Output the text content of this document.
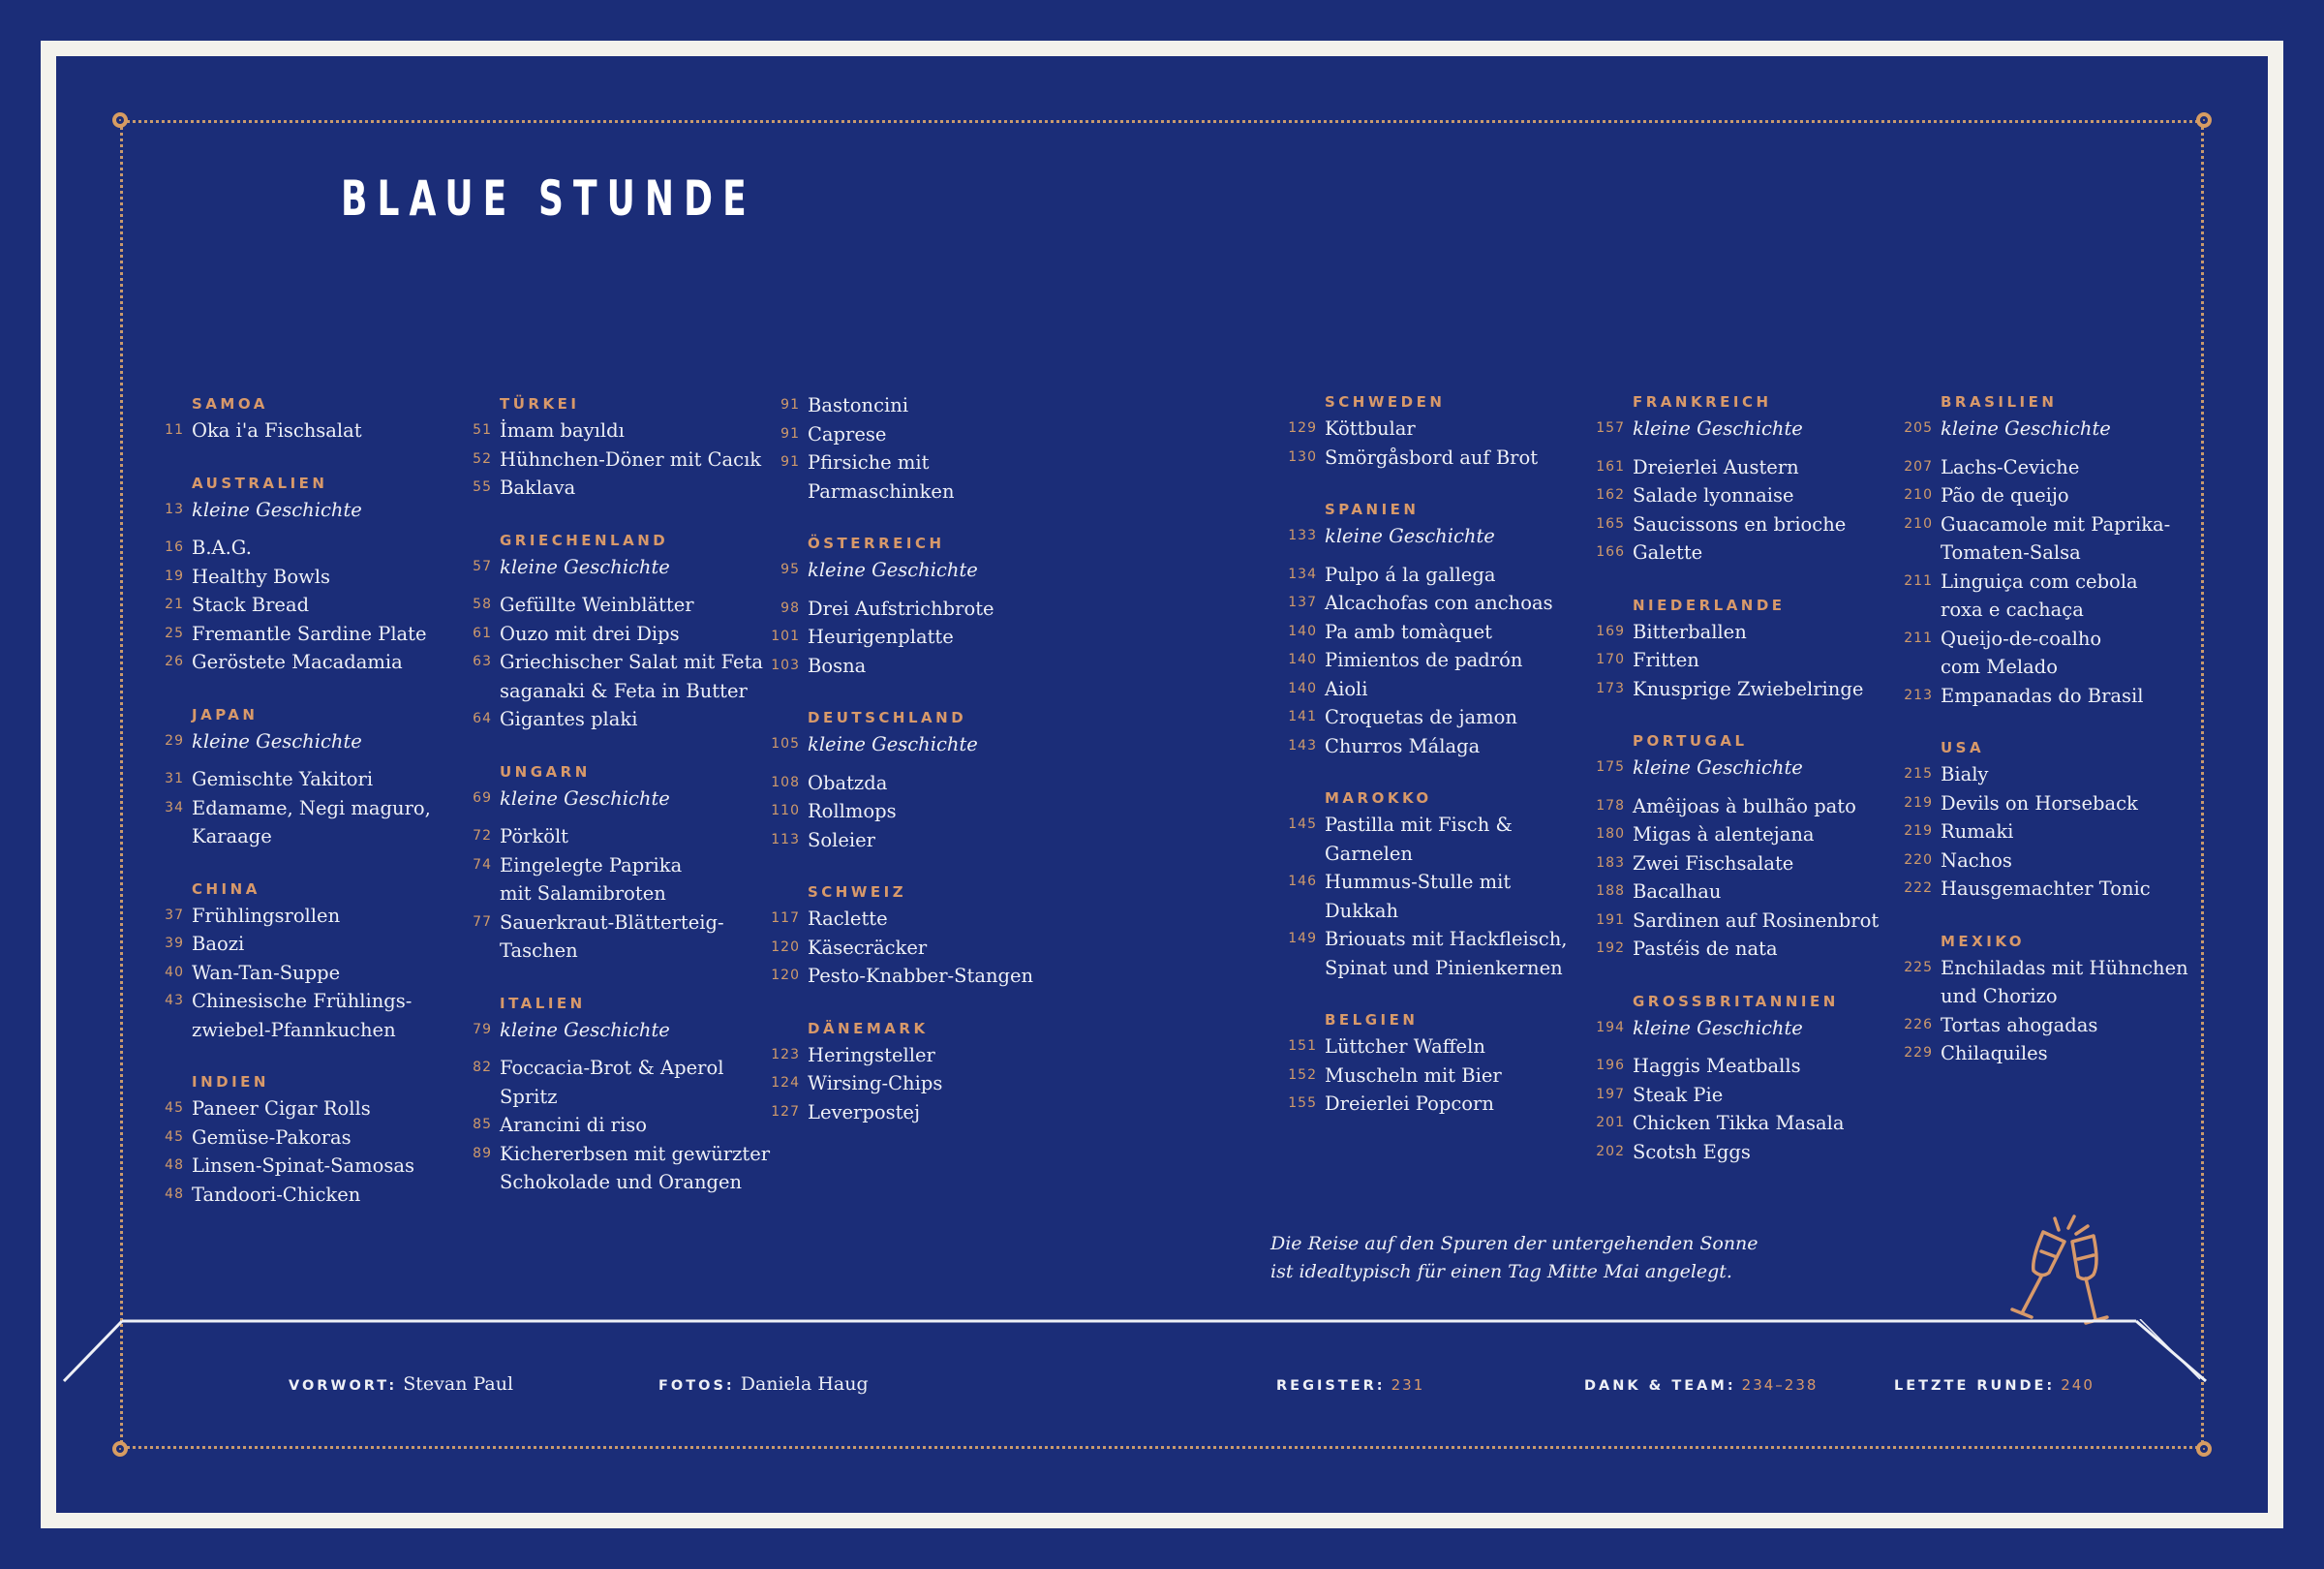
BLAUE STUNDE
SAMOA
11 Oka i'a Fischsalat
AUSTRALIEN
13 kleine Geschichte
16 B.A.G.
19 Healthy Bowls
21 Stack Bread
25 Fremantle Sardine Plate
26 Geröstete Macadamia
JAPAN
29 kleine Geschichte
31 Gemischte Yakitori
34 Edamame, Negi maguro,
Karaage
CHINA
37 Frühlingsrollen
39 Baozi
40 Wan-Tan-Suppe
43 Chinesische Frühlings-
zwiebel-Pfannkuchen
INDIEN
45 Paneer Cigar Rolls
45 Gemüse-Pakoras
48 Linsen-Spinat-Samosas
48 Tandoori-Chicken
TÜRKEI
51 İmam bayıldı
52 Hühnchen-Döner mit Cacık
55 Baklava
GRIECHENLAND
57 kleine Geschichte
58 Gefüllte Weinblätter
61 Ouzo mit drei Dips
63 Griechischer Salat mit Feta
saganaki & Feta in Butter
64 Gigantes plaki
UNGARN
69 kleine Geschichte
72 Pörkölt
74 Eingelegte Paprika
mit Salamibroten
77 Sauerkraut-Blätterteig-
Taschen
ITALIEN
79 kleine Geschichte
82 Foccacia-Brot & Aperol
Spritz
85 Arancini di riso
89 Kichererbsen mit gewürzter
Schokolade und Orangen
91 Bastoncini
91 Caprese
91 Pfirsiche mit Parmaschinken
ÖSTERREICH
95 kleine Geschichte
98 Drei Aufstrichbrote
101 Heurigenplatte
103 Bosna
DEUTSCHLAND
105 kleine Geschichte
108 Obatzda
110 Rollmops
113 Soleier
SCHWEIZ
117 Raclette
120 Käsecräcker
120 Pesto-Knabber-Stangen
DÄNEMARK
123 Heringsteller
124 Wirsing-Chips
127 Leverpostej
SCHWEDEN
129 Köttbular
130 Smörgåsbord auf Brot
SPANIEN
133 kleine Geschichte
134 Pulpo á la gallega
137 Alcachofas con anchoas
140 Pa amb tomàquet
140 Pimientos de padrón
140 Aioli
141 Croquetas de jamon
143 Churros Málaga
MAROKKO
145 Pastilla mit Fisch &
Garnelen
146 Hummus-Stulle mit
Dukkah
149 Briouats mit Hackfleisch,
Spinat und Pinienkernen
BELGIEN
151 Lüttcher Waffeln
152 Muscheln mit Bier
155 Dreierlei Popcorn
FRANKREICH
157 kleine Geschichte
161 Dreierlei Austern
162 Salade lyonnaise
165 Saucissons en brioche
166 Galette
NIEDERLANDE
169 Bitterballen
170 Fritten
173 Knusprige Zwiebelringe
PORTUGAL
175 kleine Geschichte
178 Amêijoas à bulhão pato
180 Migas à alentejana
183 Zwei Fischsalate
188 Bacalhau
191 Sardinen auf Rosinenbrot
192 Pastéis de nata
GROSSBRITANNIEN
194 kleine Geschichte
196 Haggis Meatballs
197 Steak Pie
201 Chicken Tikka Masala
202 Scotsh Eggs
BRASILIEN
205 kleine Geschichte
207 Lachs-Ceviche
210 Pão de queijo
210 Guacamole mit Paprika-
Tomaten-Salsa
211 Linguiça com cebola
roxa e cachaça
211 Queijo-de-coalho
com Melado
213 Empanadas do Brasil
USA
215 Bialy
219 Devils on Horseback
219 Rumaki
220 Nachos
222 Hausgemachter Tonic
MEXIKO
225 Enchiladas mit Hühnchen
und Chorizo
226 Tortas ahogadas
229 Chilaquiles
Die Reise auf den Spuren der untergehenden Sonne
ist idealtypisch für einen Tag Mitte Mai angelegt.
VORWORT: Stevan Paul	FOTOS: Daniela Haug	REGISTER: 231	DANK & TEAM: 234–238	LETZTE RUNDE: 240
